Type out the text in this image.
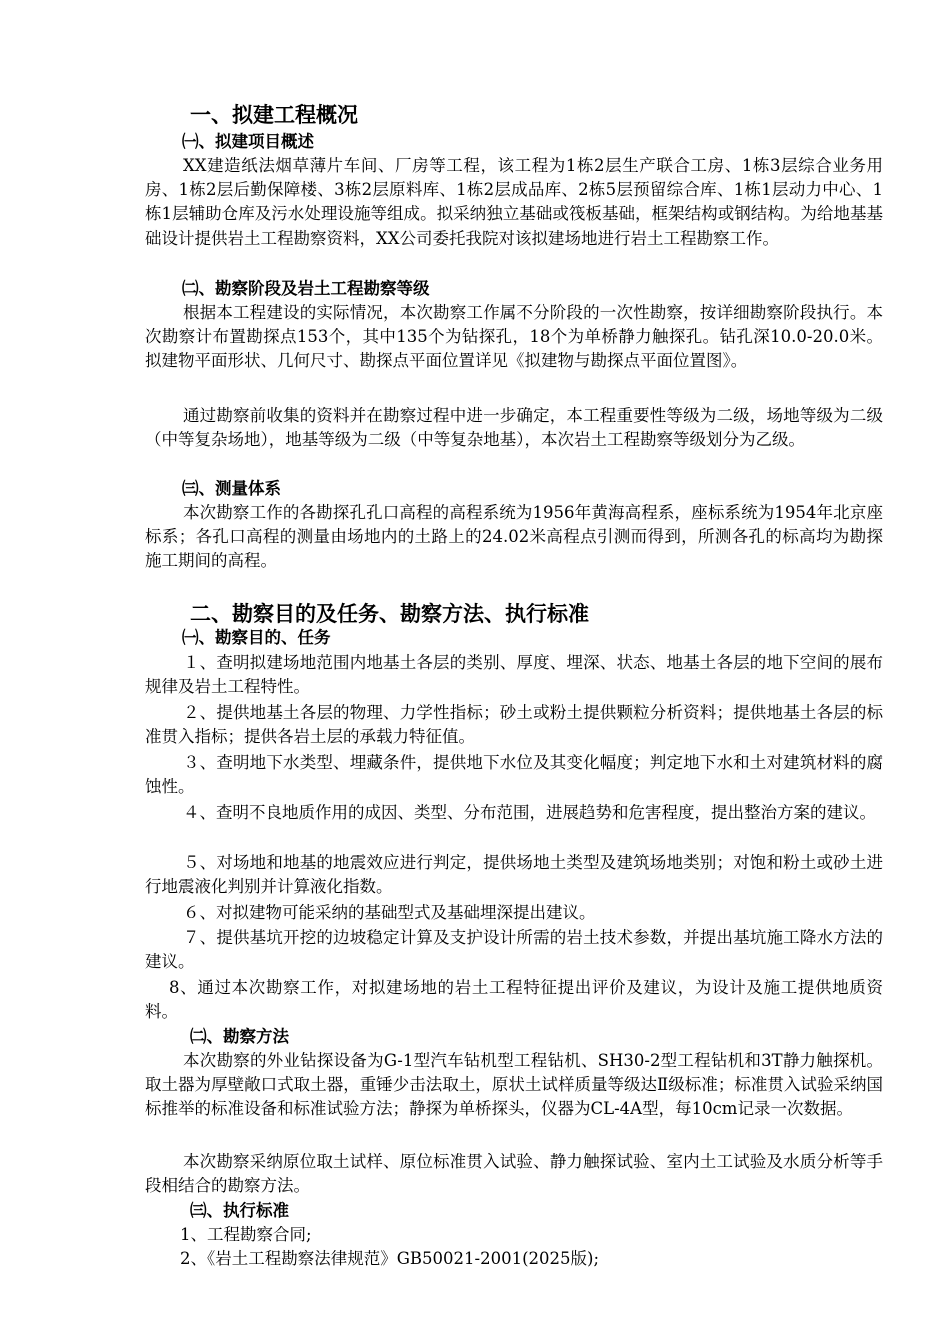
一、拟建工程概况
㈠、拟建项目概述
XX建造纸法烟草薄片车间、厂房等工程，该工程为1栋2层生产联合工房、1栋3层综合业务用房、1栋2层后勤保障楼、3栋2层原料库、1栋2层成品库、2栋5层预留综合库、1栋1层动力中心、1栋1层辅助仓库及污水处理设施等组成。拟采纳独立基础或筏板基础，框架结构或钢结构。为给地基基础设计提供岩土工程勘察资料，XX公司委托我院对该拟建场地进行岩土工程勘察工作。
㈡、勘察阶段及岩土工程勘察等级
根据本工程建设的实际情况，本次勘察工作属不分阶段的一次性勘察，按详细勘察阶段执行。本次勘察计布置勘探点153个，其中135个为钻探孔，18个为单桥静力触探孔。钻孔深10.0-20.0米。拟建物平面形状、几何尺寸、勘探点平面位置详见《拟建物与勘探点平面位置图》。
通过勘察前收集的资料并在勘察过程中进一步确定，本工程重要性等级为二级，场地等级为二级（中等复杂场地），地基等级为二级（中等复杂地基），本次岩土工程勘察等级划分为乙级。
㈢、测量体系
本次勘察工作的各勘探孔孔口高程的高程系统为1956年黄海高程系，座标系统为1954年北京座标系；各孔口高程的测量由场地内的土路上的24.02米高程点引测而得到，所测各孔的标高均为勘探施工期间的高程。
二、勘察目的及任务、勘察方法、执行标准
㈠、勘察目的、任务
１、查明拟建场地范围内地基土各层的类别、厚度、埋深、状态、地基土各层的地下空间的展布规律及岩土工程特性。
２、提供地基土各层的物理、力学性指标；砂土或粉土提供颗粒分析资料；提供地基土各层的标准贯入指标；提供各岩土层的承载力特征值。
３、查明地下水类型、埋藏条件，提供地下水位及其变化幅度；判定地下水和土对建筑材料的腐蚀性。
４、查明不良地质作用的成因、类型、分布范围，进展趋势和危害程度，提出整治方案的建议。
５、对场地和地基的地震效应进行判定，提供场地土类型及建筑场地类别；对饱和粉土或砂土进行地震液化判别并计算液化指数。
６、对拟建物可能采纳的基础型式及基础埋深提出建议。
７、提供基坑开挖的边坡稳定计算及支护设计所需的岩土技术参数，并提出基坑施工降水方法的建议。
8、通过本次勘察工作，对拟建场地的岩土工程特征提出评价及建议，为设计及施工提供地质资料。
㈡、勘察方法
本次勘察的外业钻探设备为G-1型汽车钻机型工程钻机、SH30-2型工程钻机和3T静力触探机。取土器为厚壁敞口式取土器，重锤少击法取土，原状土试样质量等级达Ⅱ级标准；标准贯入试验采纳国标推举的标准设备和标准试验方法；静探为单桥探头，仪器为CL-4A型，每10cm记录一次数据。
本次勘察采纳原位取土试样、原位标准贯入试验、静力触探试验、室内土工试验及水质分析等手段相结合的勘察方法。
㈢、执行标准
1、工程勘察合同;
2、《岩土工程勘察法律规范》GB50021-2001(2025版);
